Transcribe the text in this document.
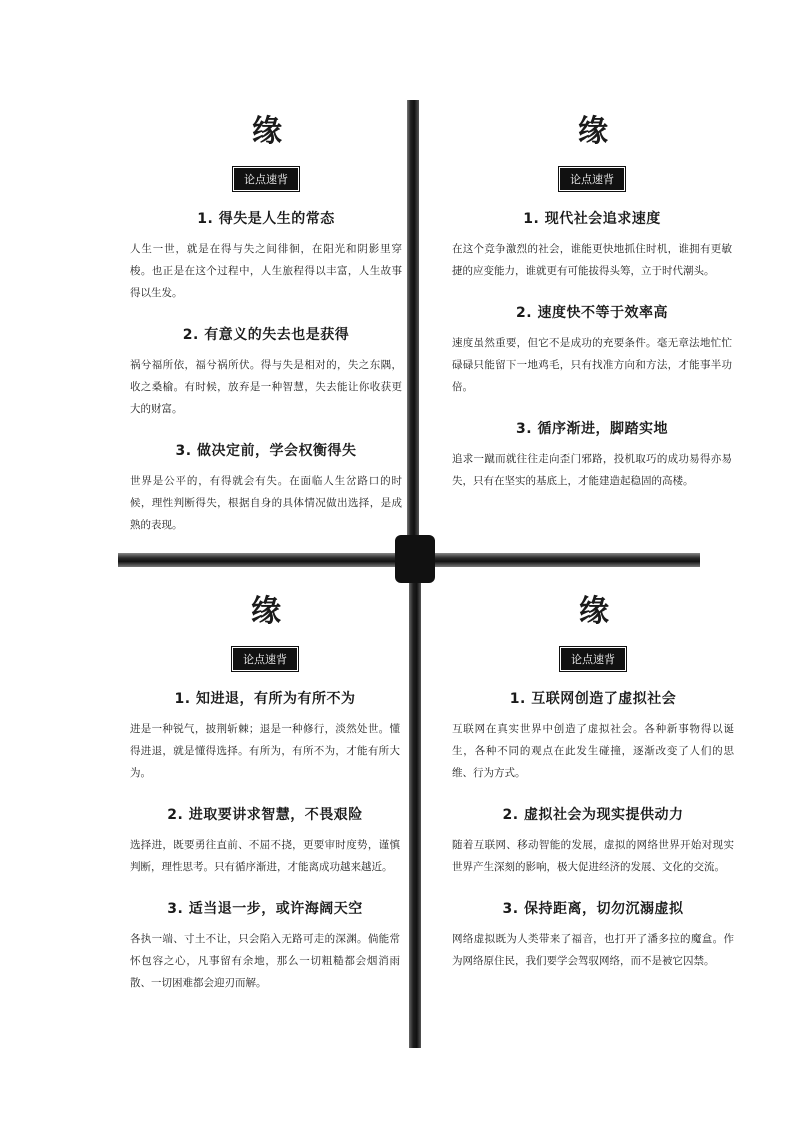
缘
论点速背
1. 得失是人生的常态

人生一世，就是在得与失之间徘徊，在阳光和阴影里穿梭。也正是在这个过程中，人生旅程得以丰富，人生故事得以生发。

2. 有意义的失去也是获得

祸兮福所依，福兮祸所伏。得与失是相对的，失之东隅，收之桑榆。有时候，放弃是一种智慧，失去能让你收获更大的财富。

3. 做决定前，学会权衡得失

世界是公平的，有得就会有失。在面临人生岔路口的时候，理性判断得失，根据自身的具体情况做出选择，是成熟的表现。

缘
论点速背
1. 现代社会追求速度

在这个竞争激烈的社会，谁能更快地抓住时机，谁拥有更敏捷的应变能力，谁就更有可能拔得头筹，立于时代潮头。

2. 速度快不等于效率高

速度虽然重要，但它不是成功的充要条件。毫无章法地忙忙碌碌只能留下一地鸡毛，只有找准方向和方法，才能事半功倍。

3. 循序渐进，脚踏实地

追求一蹴而就往往走向歪门邪路，投机取巧的成功易得亦易失，只有在坚实的基底上，才能建造起稳固的高楼。

缘
论点速背
1. 知进退，有所为有所不为

进是一种锐气，披荆斩棘；退是一种修行，淡然处世。懂得进退，就是懂得选择。有所为，有所不为，才能有所大为。

2. 进取要讲求智慧，不畏艰险

选择进，既要勇往直前、不屈不挠，更要审时度势，谨慎判断，理性思考。只有循序渐进，才能离成功越来越近。

3. 适当退一步，或许海阔天空

各执一端、寸土不让，只会陷入无路可走的深渊。倘能常怀包容之心，凡事留有余地，那么一切粗糙都会烟消雨散、一切困难都会迎刃而解。

缘
论点速背
1. 互联网创造了虚拟社会

互联网在真实世界中创造了虚拟社会。各种新事物得以诞生，各种不同的观点在此发生碰撞，逐渐改变了人们的思维、行为方式。

2. 虚拟社会为现实提供动力

随着互联网、移动智能的发展，虚拟的网络世界开始对现实世界产生深刻的影响，极大促进经济的发展、文化的交流。

3. 保持距离，切勿沉溺虚拟

网络虚拟既为人类带来了福音，也打开了潘多拉的魔盒。作为网络原住民，我们要学会驾驭网络，而不是被它囚禁。
